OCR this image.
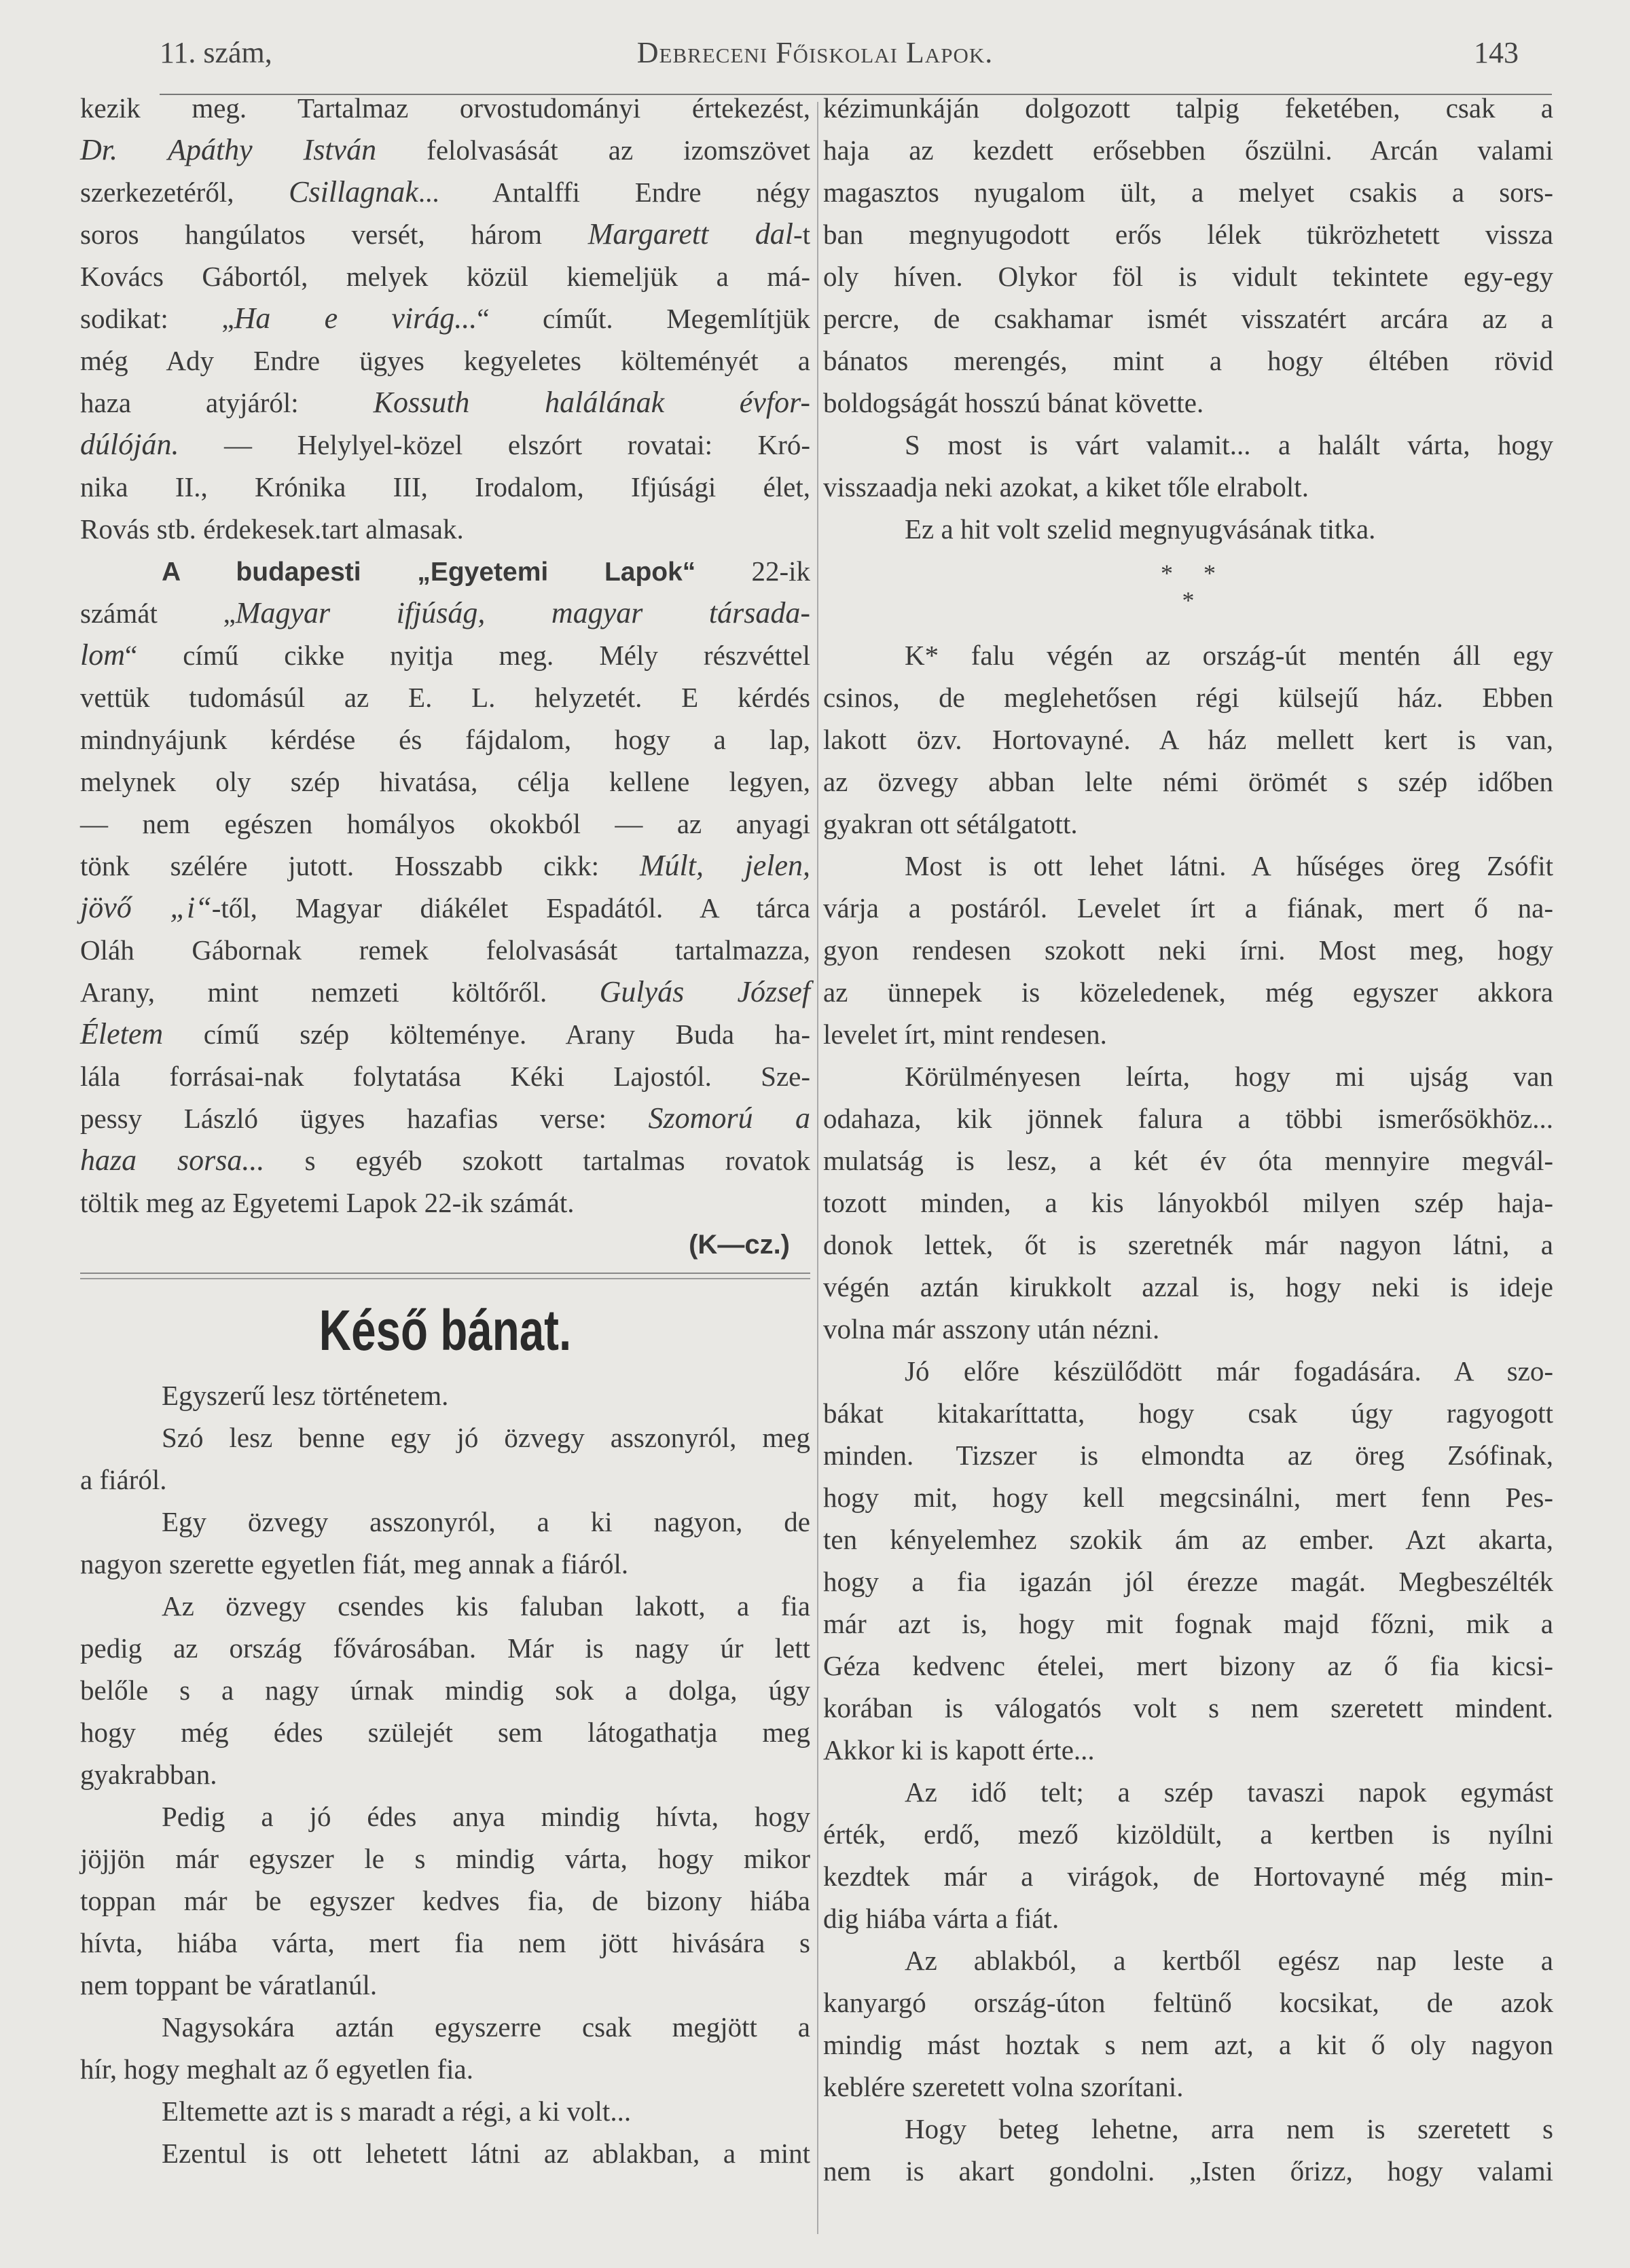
11. szám,	Debreceni Főiskolai Lapok.	143
kezik meg. Tartalmaz orvostudományi értekezést,
Dr. Apáthy István felolvasását az izomszövet
szerkezetéről, Csillagnak... Antalffi Endre négy
soros hangúlatos versét, három Margarett dal-t
Kovács Gábortól, melyek közül kiemeljük a má-
sodikat: „Ha e virág...“ címűt. Megemlítjük
még Ady Endre ügyes kegyeletes költeményét a
haza atyjáról: Kossuth halálának évfor-
dúlóján. — Helylyel-közel elszórt rovatai: Kró-
nika II., Krónika III, Irodalom, Ifjúsági élet,
Rovás stb. érdekesek.tart almasak.
A budapesti „Egyetemi Lapok“ 22-ik
számát „Magyar ifjúság, magyar társada-
lom“ című cikke nyitja meg. Mély részvéttel
vettük tudomásúl az E. L. helyzetét. E kérdés
mindnyájunk kérdése és fájdalom, hogy a lap,
melynek oly szép hivatása, célja kellene legyen,
— nem egészen homályos okokból — az anyagi
tönk szélére jutott. Hosszabb cikk: Múlt, jelen,
jövő „i“-től, Magyar diákélet Espadától. A tárca
Oláh Gábornak remek felolvasását tartalmazza,
Arany, mint nemzeti költőről. Gulyás József
Életem című szép költeménye. Arany Buda ha-
lála forrásai-nak folytatása Kéki Lajostól. Sze-
pessy László ügyes hazafias verse: Szomorú a
haza sorsa... s egyéb szokott tartalmas rovatok
töltik meg az Egyetemi Lapok 22-ik számát.
(K—cz.)
Késő bánat.
Egyszerű lesz történetem.
Szó lesz benne egy jó özvegy asszonyról, meg
a fiáról.
Egy özvegy asszonyról, a ki nagyon, de
nagyon szerette egyetlen fiát, meg annak a fiáról.
Az özvegy csendes kis faluban lakott, a fia
pedig az ország fővárosában. Már is nagy úr lett
belőle s a nagy úrnak mindig sok a dolga, úgy
hogy még édes szülejét sem látogathatja meg
gyakrabban.
Pedig a jó édes anya mindig hívta, hogy
jöjjön már egyszer le s mindig várta, hogy mikor
toppan már be egyszer kedves fia, de bizony hiába
hívta, hiába várta, mert fia nem jött hivására s
nem toppant be váratlanúl.
Nagysokára aztán egyszerre csak megjött a
hír, hogy meghalt az ő egyetlen fia.
Eltemette azt is s maradt a régi, a ki volt...
Ezentul is ott lehetett látni az ablakban, a mint
kézimunkáján dolgozott talpig feketében, csak a
haja az kezdett erősebben őszülni. Arcán valami
magasztos nyugalom ült, a melyet csakis a sors-
ban megnyugodott erős lélek tükrözhetett vissza
oly híven. Olykor föl is vidult tekintete egy-egy
percre, de csakhamar ismét visszatért arcára az a
bánatos merengés, mint a hogy éltében rövid
boldogságát hosszú bánat követte.
S most is várt valamit... a halált várta, hogy
visszaadja neki azokat, a kiket tőle elrabolt.
Ez a hit volt szelid megnyugvásának titka.
*     *
*
K* falu végén az ország-út mentén áll egy
csinos, de meglehetősen régi külsejű ház. Ebben
lakott özv. Hortovayné. A ház mellett kert is van,
az özvegy abban lelte némi örömét s szép időben
gyakran ott sétálgatott.
Most is ott lehet látni. A hűséges öreg Zsófit
várja a postáról. Levelet írt a fiának, mert ő na-
gyon rendesen szokott neki írni. Most meg, hogy
az ünnepek is közeledenek, még egyszer akkora
levelet írt, mint rendesen.
Körülményesen leírta, hogy mi ujság van
odahaza, kik jönnek falura a többi ismerősökhöz...
mulatság is lesz, a két év óta mennyire megvál-
tozott minden, a kis lányokból milyen szép haja-
donok lettek, őt is szeretnék már nagyon látni, a
végén aztán kirukkolt azzal is, hogy neki is ideje
volna már asszony után nézni.
Jó előre készülődött már fogadására. A szo-
bákat kitakaríttatta, hogy csak úgy ragyogott
minden. Tizszer is elmondta az öreg Zsófinak,
hogy mit, hogy kell megcsinálni, mert fenn Pes-
ten kényelemhez szokik ám az ember. Azt akarta,
hogy a fia igazán jól érezze magát. Megbeszélték
már azt is, hogy mit fognak majd főzni, mik a
Géza kedvenc ételei, mert bizony az ő fia kicsi-
korában is válogatós volt s nem szeretett mindent.
Akkor ki is kapott érte...
Az idő telt; a szép tavaszi napok egymást
érték, erdő, mező kizöldült, a kertben is nyílni
kezdtek már a virágok, de Hortovayné még min-
dig hiába várta a fiát.
Az ablakból, a kertből egész nap leste a
kanyargó ország-úton feltünő kocsikat, de azok
mindig mást hoztak s nem azt, a kit ő oly nagyon
keblére szeretett volna szorítani.
Hogy beteg lehetne, arra nem is szeretett s
nem is akart gondolni. „Isten őrizz, hogy valami
